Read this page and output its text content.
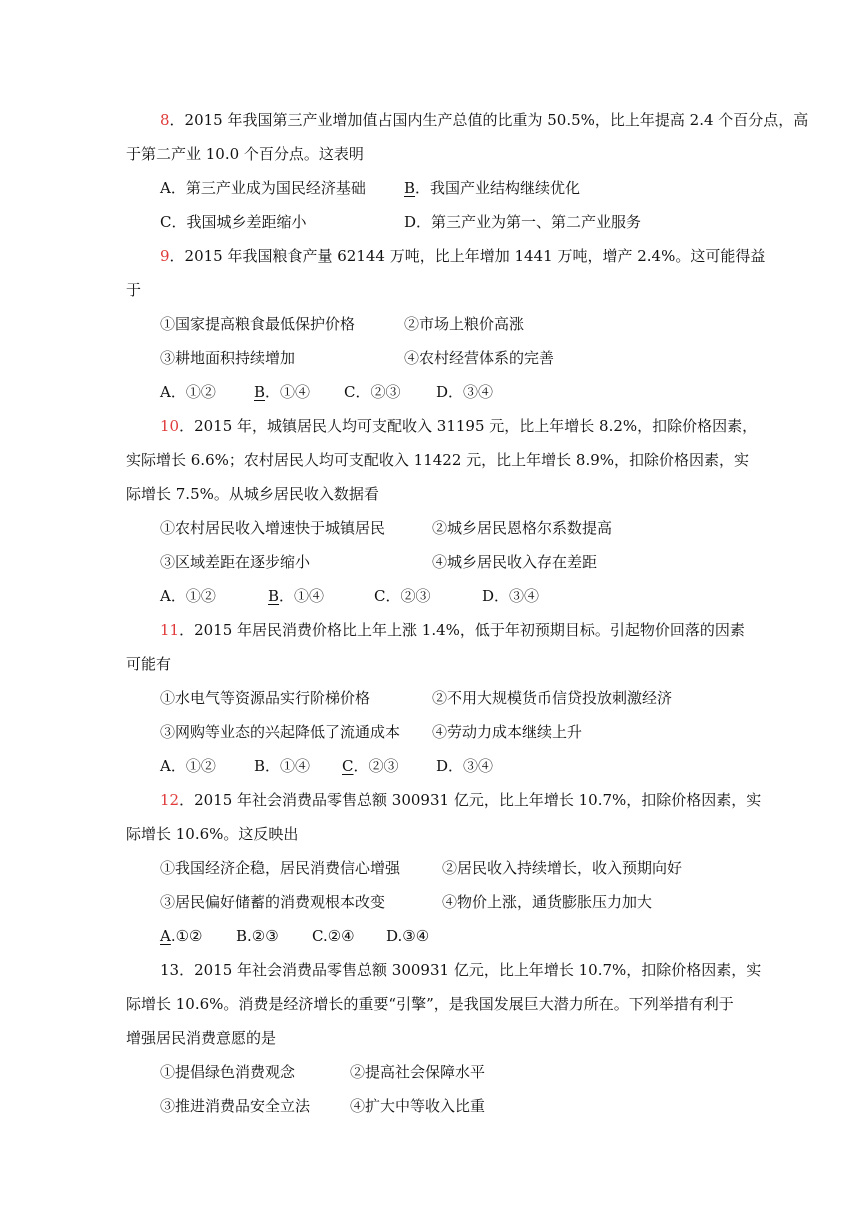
8．2015 年我国第三产业增加值占国内生产总值的比重为 50.5%，比上年提高 2.4 个百分点，高
于第二产业 10.0 个百分点。这表明
A．第三产业成为国民经济基础	B．我国产业结构继续优化
C．我国城乡差距缩小	D．第三产业为第一、第二产业服务
9．2015 年我国粮食产量 62144 万吨，比上年增加 1441 万吨，增产 2.4%。这可能得益
于
①国家提高粮食最低保护价格	②市场上粮价高涨
③耕地面积持续增加	④农村经营体系的完善
A．①②	B．①④ C．②③ D．③④
10．2015 年，城镇居民人均可支配收入 31195 元，比上年增长 8.2%，扣除价格因素，
实际增长 6.6%；农村居民人均可支配收入 11422 元，比上年增长 8.9%，扣除价格因素，实
际增长 7.5%。从城乡居民收入数据看
①农村居民收入增速快于城镇居民	②城乡居民恩格尔系数提高
③区域差距在逐步缩小	④城乡居民收入存在差距
A．①②	B．①④	C．②③	D．③④
11．2015 年居民消费价格比上年上涨 1.4%，低于年初预期目标。引起物价回落的因素
可能有
①水电气等资源品实行阶梯价格	②不用大规模货币信贷投放刺激经济
③网购等业态的兴起降低了流通成本 ④劳动力成本继续上升
A．①②	B．①④ C．②③	D．③④
12．2015 年社会消费品零售总额 300931 亿元，比上年增长 10.7%，扣除价格因素，实
际增长 10.6%。这反映出
①我国经济企稳，居民消费信心增强	②居民收入持续增长，收入预期向好
③居民偏好储蓄的消费观根本改变	④物价上涨，通货膨胀压力加大
A.①② B.②③ C.②④ D.③④
13．2015 年社会消费品零售总额 300931 亿元，比上年增长 10.7%，扣除价格因素，实
际增长 10.6%。消费是经济增长的重要“引擎”，是我国发展巨大潜力所在。下列举措有利于
增强居民消费意愿的是
①提倡绿色消费观念	②提高社会保障水平
③推进消费品安全立法	④扩大中等收入比重
